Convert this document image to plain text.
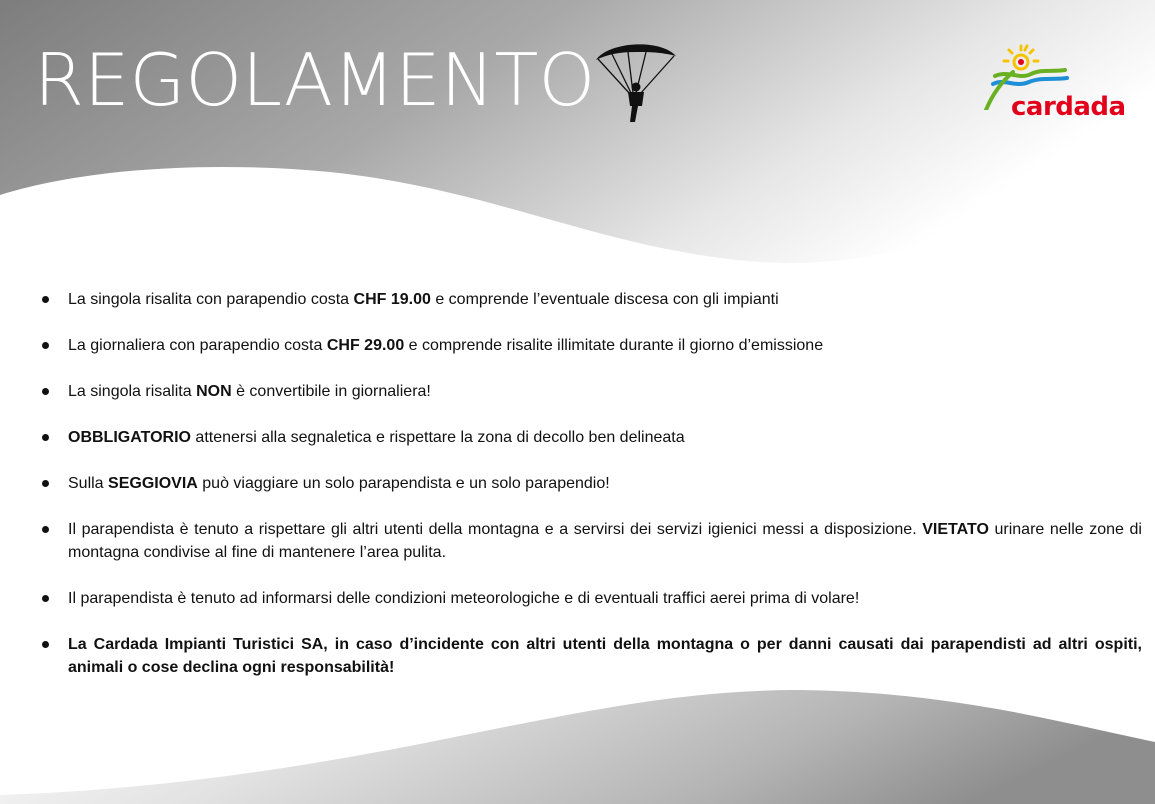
REGOLAMENTO	cardada
La singola risalita con parapendio costa CHF 19.00 e comprende l’eventuale discesa con gli impianti
La giornaliera con parapendio costa CHF 29.00 e comprende risalite illimitate durante il giorno d’emissione
La singola risalita NON è convertibile in giornaliera!
OBBLIGATORIO attenersi alla segnaletica e rispettare la zona di decollo ben delineata
Sulla SEGGIOVIA può viaggiare un solo parapendista e un solo parapendio!
Il parapendista è tenuto a rispettare gli altri utenti della montagna e a servirsi dei servizi igienici messi a disposizione. VIETATO urinare nelle zone di montagna condivise al fine di mantenere l’area pulita.
Il parapendista è tenuto ad informarsi delle condizioni meteorologiche e di eventuali traffici aerei prima di volare!
La Cardada Impianti Turistici SA, in caso d’incidente con altri utenti della montagna o per danni causati dai parapendisti ad altri ospiti, animali o cose declina ogni responsabilità!
